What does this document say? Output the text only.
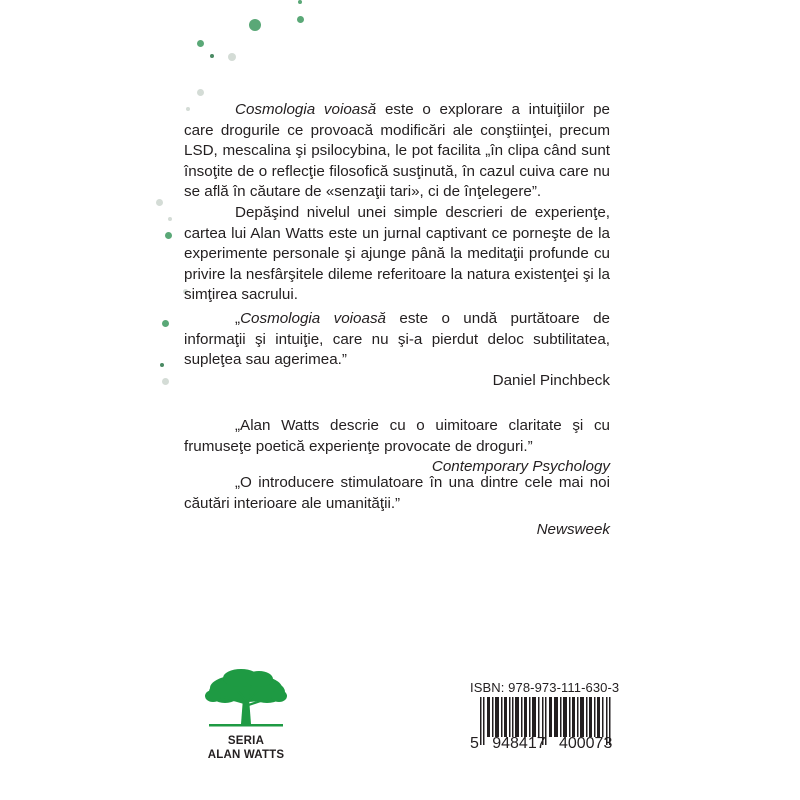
Cosmologia voioasă este o explorare a intuiţiilor pe care drogurile ce provoacă modificări ale conştiinţei, precum LSD, mescalina şi psilocybina, le pot facilita „în clipa când sunt însoţite de o reflecţie filosofică susţinută, în cazul cuiva care nu se află în căutare de «senzaţii tari», ci de înţelegere”.

Depăşind nivelul unei simple descrieri de experienţe, cartea lui Alan Watts este un jurnal captivant ce porneşte de la experimente personale şi ajunge până la meditaţii profunde cu privire la nesfârşitele dileme referitoare la natura existenţei şi la simţirea sacrului.

„Cosmologia voioasă este o undă purtătoare de informaţii şi intuiţie, care nu şi-a pierdut deloc subtilitatea, supleţea sau agerimea.”

Daniel Pinchbeck

„Alan Watts descrie cu o uimitoare claritate şi cu frumuseţe poetică experienţe provocate de droguri.”

Contemporary Psychology

„O introducere stimulatoare în una dintre cele mai noi căutări interioare ale umanităţii.”

Newsweek

SERIA
ALAN WATTS
ISBN: 978-973-111-630-3
5   948417   400073
